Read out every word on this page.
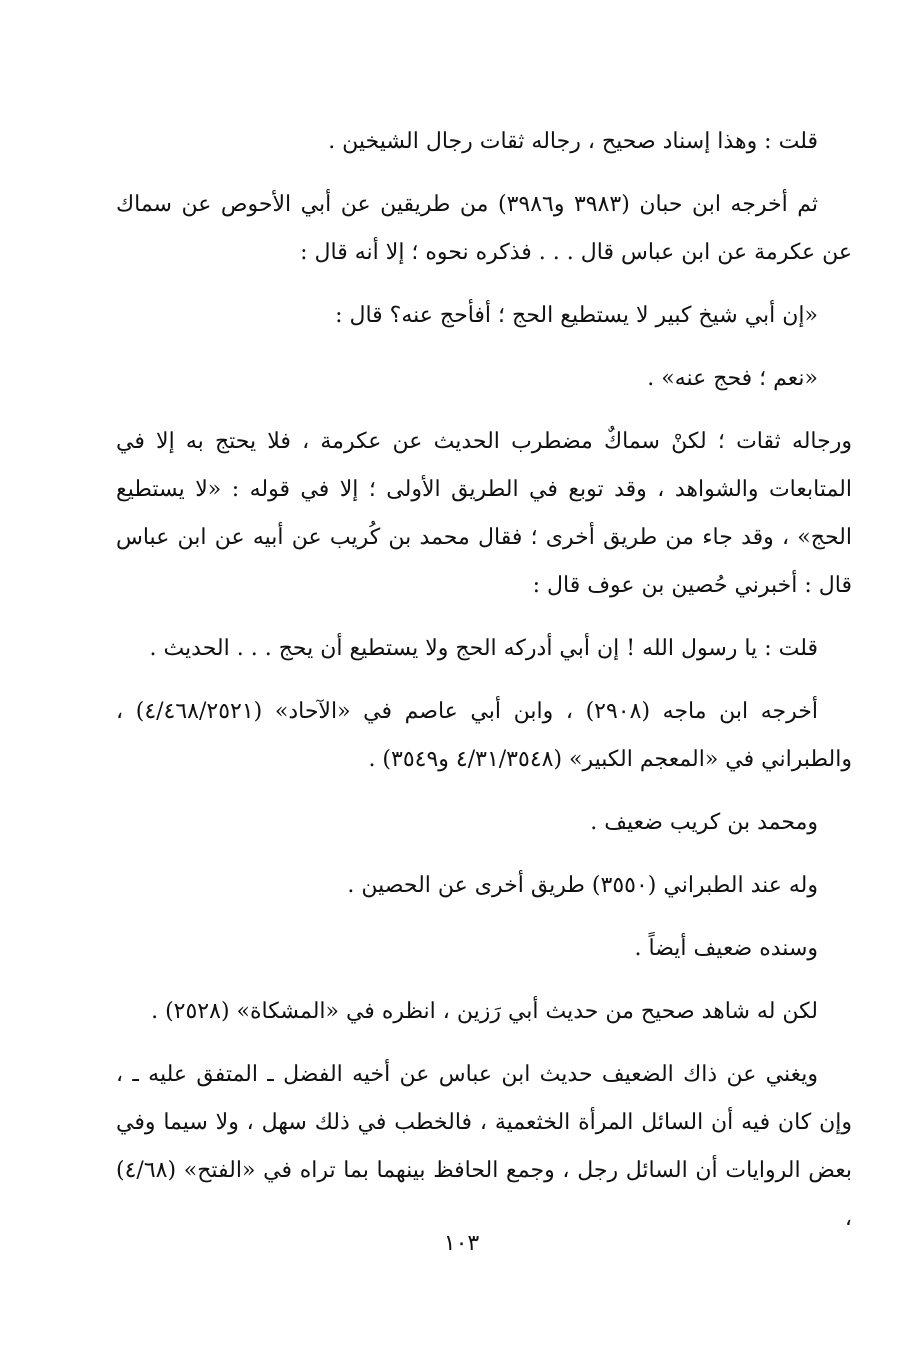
قلت : وهذا إسناد صحيح ، رجاله ثقات رجال الشيخين .

ثم أخرجه ابن حبان (٣٩٨٣ و٣٩٨٦) من طريقين عن أبي الأحوص عن سماك عن عكرمة عن ابن عباس قال . . . فذكره نحوه ؛ إلا أنه قال :

«إن أبي شيخ كبير لا يستطيع الحج ؛ أفأحج عنه؟ قال :

«نعم ؛ فحج عنه» .

ورجاله ثقات ؛ لكنْ سماكٌ مضطرب الحديث عن عكرمة ، فلا يحتج به إلا في المتابعات والشواهد ، وقد توبع في الطريق الأولى ؛ إلا في قوله : «لا يستطيع الحج» ، وقد جاء من طريق أخرى ؛ فقال محمد بن كُريب عن أبيه عن ابن عباس قال : أخبرني حُصين بن عوف قال :

قلت : يا رسول الله ! إن أبي أدركه الحج ولا يستطيع أن يحج . . . الحديث .

أخرجه ابن ماجه (٢٩٠٨) ، وابن أبي عاصم في «الآحاد» (٤/٤٦٨/٢٥٢١) ، والطبراني في «المعجم الكبير» (٤/٣١/٣٥٤٨ و٣٥٤٩) .

ومحمد بن كريب ضعيف .

وله عند الطبراني (٣٥٥٠) طريق أخرى عن الحصين .

وسنده ضعيف أيضاً .

لكن له شاهد صحيح من حديث أبي رَزين ، انظره في «المشكاة» (٢٥٢٨) .

ويغني عن ذاك الضعيف حديث ابن عباس عن أخيه الفضل ـ المتفق عليه ـ ، وإن كان فيه أن السائل المرأة الخثعمية ، فالخطب في ذلك سهل ، ولا سيما وفي بعض الروايات أن السائل رجل ، وجمع الحافظ بينهما بما تراه في «الفتح» (٤/٦٨) ،

١٠٣
